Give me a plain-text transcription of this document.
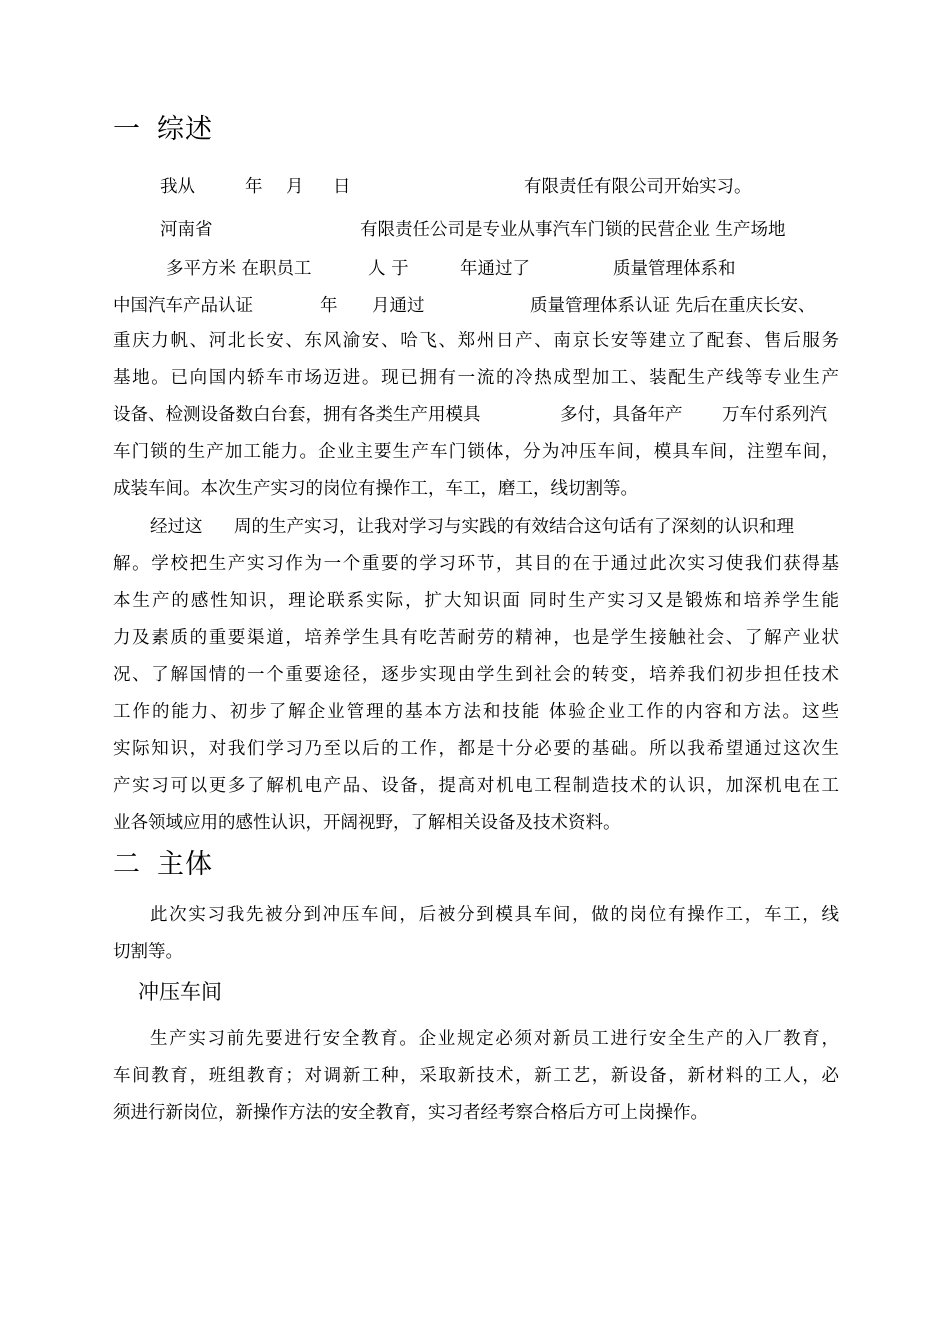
一 综述
我从	年 月 日	有限责任有限公司开始实习。
河南省	有限责任公司是专业从事汽车门锁的民营企业 生产场地
多平方米 在职员工	人 于	年通过了	质量管理体系和
中国汽车产品认证	年 月通过	质量管理体系认证 先后在重庆长安、
重庆力帆、河北长安、东风渝安、哈飞、郑州日产、南京长安等建立了配套、售后服务
基地。已向国内轿车市场迈进。现已拥有一流的冷热成型加工、装配生产线等专业生产
设备、检测设备数白台套，拥有各类生产用模具	多付，具备年产 万车付系列汽
车门锁的生产加工能力。企业主要生产车门锁体，分为冲压车间，模具车间，注塑车间，
成装车间。本次生产实习的岗位有操作工，车工，磨工，线切割等。
经过这 周的生产实习，让我对学习与实践的有效结合这句话有了深刻的认识和理
解。学校把生产实习作为一个重要的学习环节，其目的在于通过此次实习使我们获得基
本生产的感性知识，理论联系实际，扩大知识面 同时生产实习又是锻炼和培养学生能
力及素质的重要渠道，培养学生具有吃苦耐劳的精神，也是学生接触社会、了解产业状
况、了解国情的一个重要途径，逐步实现由学生到社会的转变，培养我们初步担任技术
工作的能力、初步了解企业管理的基本方法和技能 体验企业工作的内容和方法。这些
实际知识，对我们学习乃至以后的工作，都是十分必要的基础。所以我希望通过这次生
产实习可以更多了解机电产品、设备，提高对机电工程制造技术的认识，加深机电在工
业各领域应用的感性认识，开阔视野，了解相关设备及技术资料。
二 主体
此次实习我先被分到冲压车间，后被分到模具车间，做的岗位有操作工，车工，线
切割等。
冲压车间
生产实习前先要进行安全教育。企业规定必须对新员工进行安全生产的入厂教育，
车间教育，班组教育；对调新工种，采取新技术，新工艺，新设备，新材料的工人，必
须进行新岗位，新操作方法的安全教育，实习者经考察合格后方可上岗操作。
